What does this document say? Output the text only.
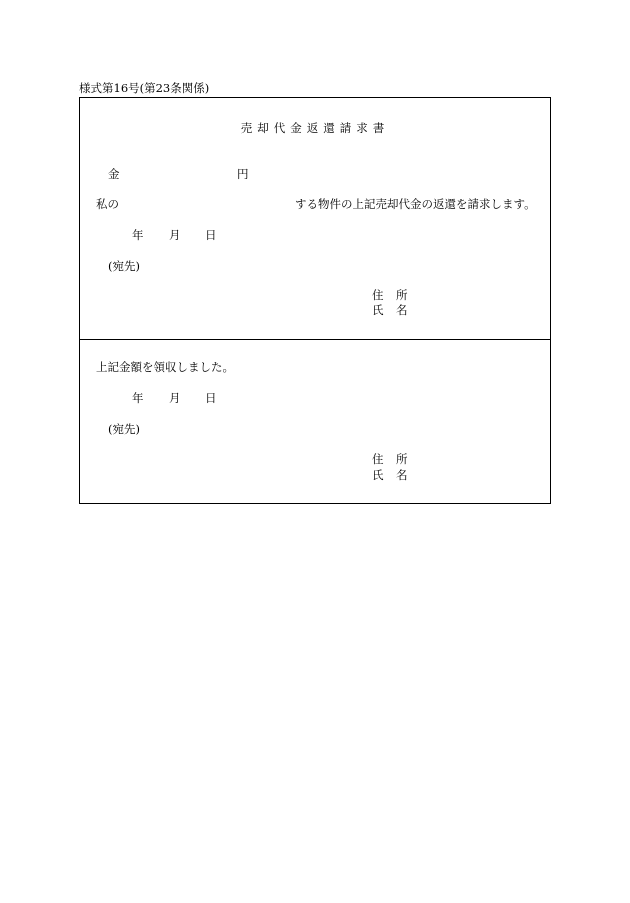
様式第16号(第23条関係)
売却代金返還請求書
金	円
私の	する物件の上記売却代金の返還を請求します。
年 月 日
(宛先)
住 所
氏 名
上記金額を領収しました。
年 月 日
(宛先)
住 所
氏 名
